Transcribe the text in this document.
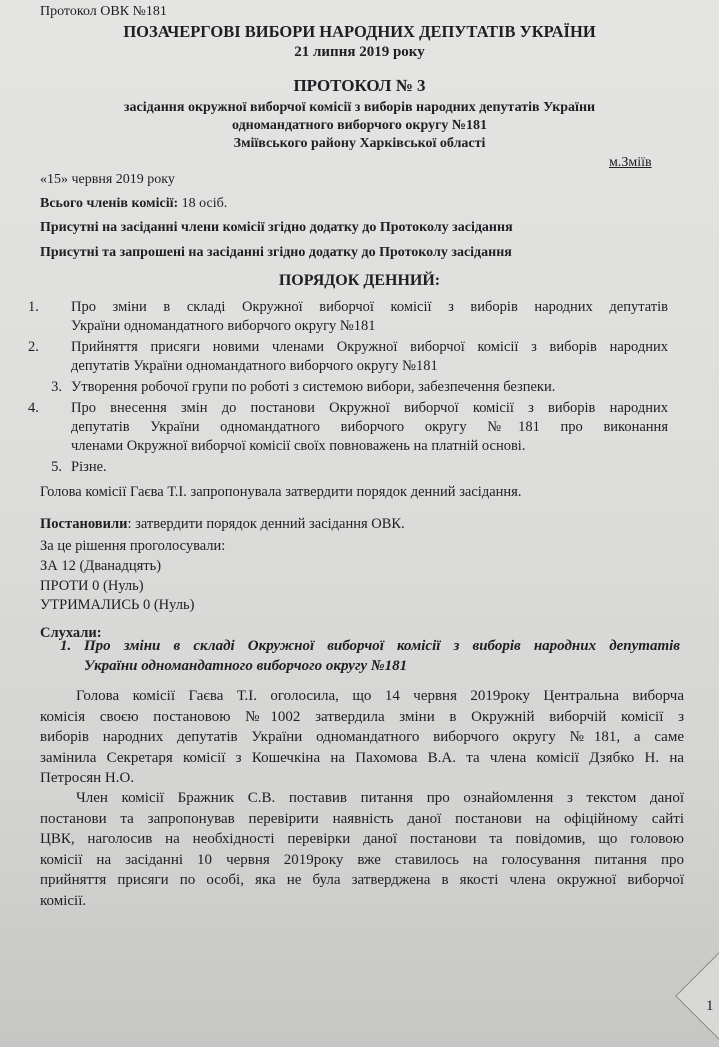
Протокол ОВК №181
ПОЗАЧЕРГОВІ ВИБОРИ НАРОДНИХ ДЕПУТАТІВ УКРАЇНИ
21 липня 2019 року
ПРОТОКОЛ № 3
засідання окружної виборчої комісії з виборів народних депутатів України
одномандатного виборчого округу №181
Зміївського району Харківської області
м.Зміїв
«15» червня 2019 року
Всього членів комісії: 18 осіб.
Присутні на засіданні члени комісії згідно додатку до Протоколу засідання
Присутні та запрошені на засіданні згідно додатку до Протоколу засідання
ПОРЯДОК ДЕННИЙ:
1. Про зміни в складі Окружної виборчої комісії з виборів народних депутатів
України одномандатного виборчого округу №181
2. Прийняття присяги новими членами Окружної виборчої комісії з виборів народних
депутатів України одномандатного виборчого округу №181
3. Утворення робочої групи по роботі з системою вибори, забезпечення безпеки.
4. Про внесення змін до постанови Окружної виборчої комісії з виборів народних
депутатів України одномандатного виборчого округу №181 про виконання
членами Окружної виборчої комісії своїх повноважень на платній основі.
5. Різне.
Голова комісії Гаєва Т.І. запропонувала затвердити порядок денний засідання.
Постановили: затвердити порядок денний засідання ОВК.
За це рішення проголосували:
ЗА 12 (Дванадцять)
ПРОТИ 0 (Нуль)
УТРИМАЛИСЬ 0 (Нуль)
Слухали:
1. Про зміни в складі Окружної виборчої комісії з виборів народних депутатів
України одномандатного виборчого округу №181
Голова комісії Гаєва Т.І. оголосила, що 14 червня 2019року Центральна виборча
комісія своєю постановою №1002 затвердила зміни в Окружній виборчій комісії з
виборів народних депутатів України одномандатного виборчого округу №181, а саме
замінила Секретаря комісії з Кошечкіна на Пахомова В.А. та члена комісії Дзябко Н. на
Петросян Н.О.
Член комісії Бражник С.В. поставив питання про ознайомлення з текстом даної
постанови та запропонував перевірити наявність даної постанови на офіційному сайті
ЦВК, наголосив на необхідності перевірки даної постанови та повідомив, що головою
комісії на засіданні 10 червня 2019року вже ставилось на голосування питання про
прийняття присяги по особі, яка не була затверджена в якості члена окружної виборчої
комісії.
1
